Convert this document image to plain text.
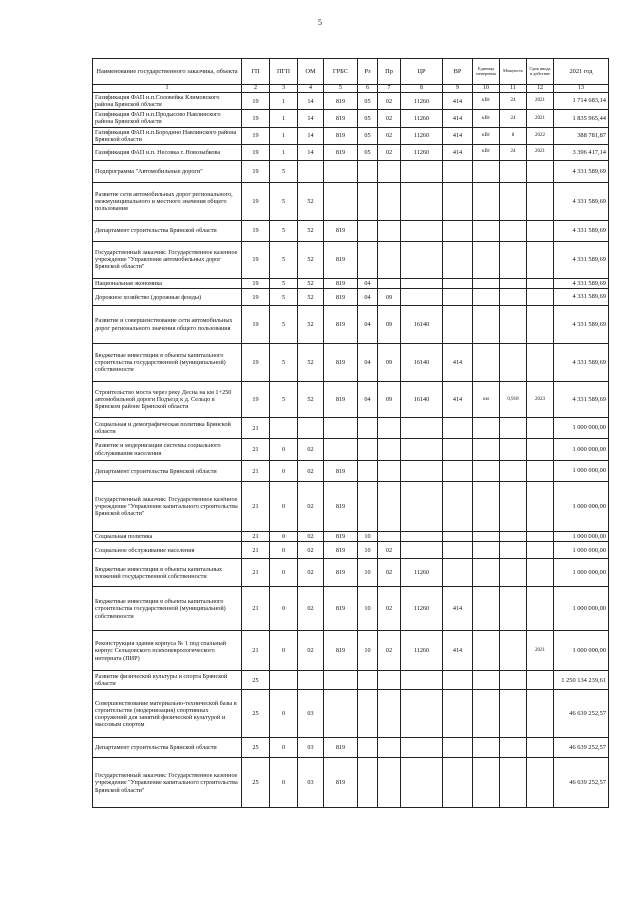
5
Наименование государственного заказчика, объекта	ГП	ПГП	ОМ	ГРБС	Рз	Пр	ЦР	ВР	Единица измерения	Мощность	Срок ввода в действие	2021 год
1	2	3	4	5	6	7	8	9	10	11	12	13
Газификация ФАП н.п.Соловейка Климовского района Брянской области	19	1	14	819	05	02	11260	414	кВт	24	2021	1 714 683,14
Газификация ФАП н.п.Продысово Навлинского района Брянской области	19	1	14	819	05	02	11260	414	кВт	24	2021	1 835 965,44
Газификация ФАП н.п.Бородино Навлинского района Брянской области	19	1	14	819	05	02	11260	414	кВт	8	2022	388 781,87
Газификация ФАП н.п. Несовка г. Новозыбкова	19	1	14	819	05	02	11260	414	кВт	24	2021	3 396 417,14
Подпрограмма "Автомобильные дороги"	19	5										4 331 589,69
Развитие сети автомобильных дорог регионального, межмуниципального и местного значения общего пользования	19	5	52									4 331 589,69
Департамент строительства Брянской области	19	5	52	819								4 331 589,69
Государственный заказчик: Государственное казенное учреждение "Управление автомобильных дорог Брянской области"	19	5	52	819								4 331 589,69
Национальная экономика	19	5	52	819	04							4 331 589,69
Дорожное хозяйство (дорожные фонды)	19	5	52	819	04	09						4 331 589,69
Развитие и совершенствование сети автомобильных дорог регионального значения общего пользования	19	5	52	819	04	09	16140					4 331 589,69
Бюджетные инвестиции в объекты капитального строительства государственной (муниципальной) собственности	19	5	52	819	04	09	16140	414				4 331 589,69
Строительство моста через реку Десна на км 1+250 автомобильной дороги Подъезд к д. Сельцо в Брянском районе Брянской области	19	5	52	819	04	09	16140	414	км	0,918	2023	4 331 589,69
Социальная и демографическая политика Брянской области	21											1 000 000,00
Развитие и модернизация системы социального обслуживания населения	21	0	02									1 000 000,00
Департамент строительства Брянской области	21	0	02	819								1 000 000,00
Государственный заказчик: Государственное казённое учреждение "Управление капитального строительства Брянской области"	21	0	02	819								1 000 000,00
Социальная политика	21	0	02	819	10							1 000 000,00
Социальное обслуживание населения	21	0	02	819	10	02						1 000 000,00
Бюджетные инвестиции в объекты капитальных вложений государственной собственности	21	0	02	819	10	02	11260					1 000 000,00
Бюджетные инвестиции в объекты капитального строительства государственной (муниципальной) собственности	21	0	02	819	10	02	11260	414				1 000 000,00
Реконструкция здания корпуса № 1 под спальный корпус Сельцовского психоневрологического интерната (ПИР)	21	0	02	819	10	02	11260	414			2021	1 000 000,00
Развитие физической культуры и спорта Брянской области	25											1 250 134 239,61
Совершенствование материально-технической базы в строительстве (модернизация) спортивных сооружений для занятий физической культурой и массовым спортом	25	0	03									46 639 252,57
Департамент строительства Брянской области	25	0	03	819								46 639 252,57
Государственный заказчик: Государственное казенное учреждение "Управление капитального строительства Брянской области"	25	0	03	819								46 639 252,57
